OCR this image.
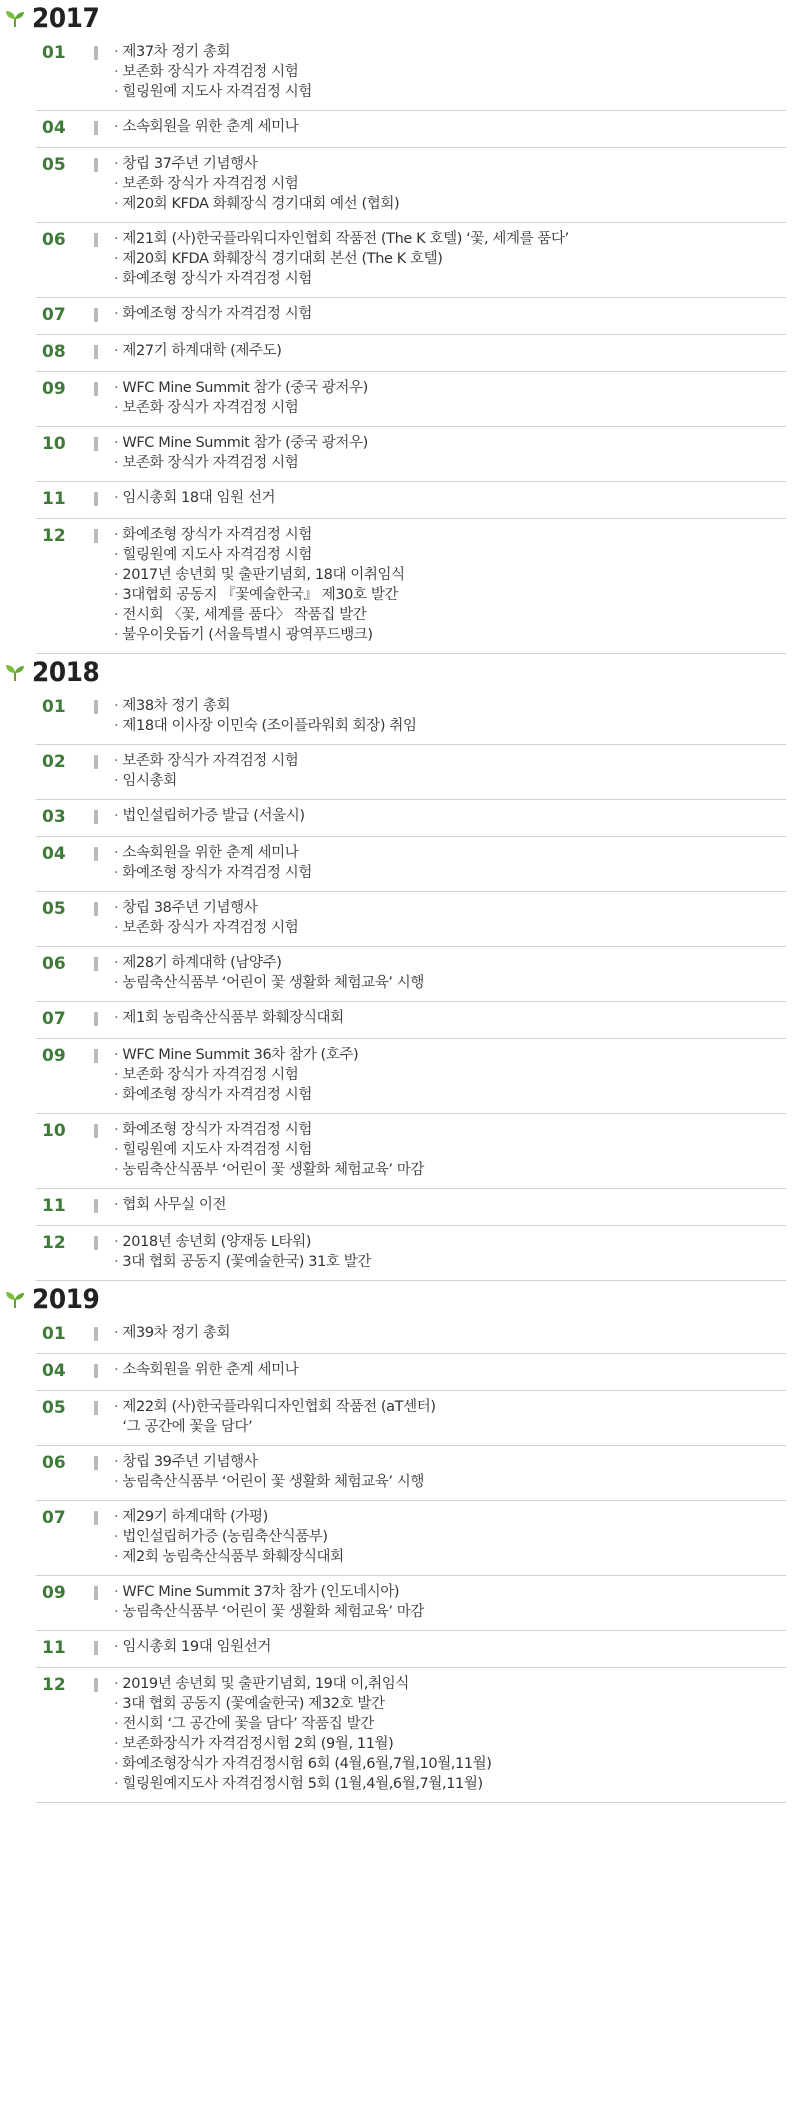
2017
01	· 제37차 정기 총회
· 보존화 장식가 자격검정 시험
· 힐링원예 지도사 자격검정 시험
04	· 소속회원을 위한 춘계 세미나
05	· 창립 37주년 기념행사
· 보존화 장식가 자격검정 시험
· 제20회 KFDA 화훼장식 경기대회 예선 (협회)
06	· 제21회 (사)한국플라워디자인협회 작품전 (The K 호텔) ‘꽃, 세계를 품다’
· 제20회 KFDA 화훼장식 경기대회 본선 (The K 호텔)
· 화예조형 장식가 자격검정 시험
07	· 화예조형 장식가 자격검정 시험
08	· 제27기 하계대학 (제주도)
09	· WFC Mine Summit 참가 (중국 광저우)
· 보존화 장식가 자격검정 시험
10	· WFC Mine Summit 참가 (중국 광저우)
· 보존화 장식가 자격검정 시험
11	· 임시총회 18대 임원 선거
12	· 화예조형 장식가 자격검정 시험
· 힐링원예 지도사 자격검정 시험
· 2017년 송년회 및 출판기념회, 18대 이취임식
· 3대협회 공동지 『꽃예술한국』 제30호 발간
· 전시회 〈꽃, 세계를 품다〉 작품집 발간
· 불우이웃돕기 (서울특별시 광역푸드뱅크)
2018
01	· 제38차 정기 총회
· 제18대 이사장 이민숙 (조이플라워회 회장) 취임
02	· 보존화 장식가 자격검정 시험
· 임시총회
03	· 법인설립허가증 발급 (서울시)
04	· 소속회원을 위한 춘계 세미나
· 화예조형 장식가 자격검정 시험
05	· 창립 38주년 기념행사
· 보존화 장식가 자격검정 시험
06	· 제28기 하계대학 (남양주)
· 농림축산식품부 ‘어린이 꽃 생활화 체험교육’ 시행
07	· 제1회 농림축산식품부 화훼장식대회
09	· WFC Mine Summit 36차 참가 (호주)
· 보존화 장식가 자격검정 시험
· 화예조형 장식가 자격검정 시험
10	· 화예조형 장식가 자격검정 시험
· 힐링원예 지도사 자격검정 시험
· 농림축산식품부 ‘어린이 꽃 생활화 체험교육’ 마감
11	· 협회 사무실 이전
12	· 2018년 송년회 (양재동 L타워)
· 3대 협회 공동지 (꽃예술한국) 31호 발간
2019
01	· 제39차 정기 총회
04	· 소속회원을 위한 춘계 세미나
05	· 제22회 (사)한국플라워디자인협회 작품전 (aT센터)
‘그 공간에 꽃을 담다’
06	· 창립 39주년 기념행사
· 농림축산식품부 ‘어린이 꽃 생활화 체험교육’ 시행
07	· 제29기 하계대학 (가평)
· 법인설립허가증 (농림축산식품부)
· 제2회 농림축산식품부 화훼장식대회
09	· WFC Mine Summit 37차 참가 (인도네시아)
· 농림축산식품부 ‘어린이 꽃 생활화 체험교육’ 마감
11	· 임시총회 19대 임원선거
12	· 2019년 송년회 및 출판기념회, 19대 이,취임식
· 3대 협회 공동지 (꽃예술한국) 제32호 발간
· 전시회 ‘그 공간에 꽃을 담다’ 작품집 발간
· 보존화장식가 자격검정시험 2회 (9월, 11월)
· 화예조형장식가 자격검정시험 6회 (4월,6월,7월,10월,11월)
· 힐링원예지도사 자격검정시험 5회 (1월,4월,6월,7월,11월)
